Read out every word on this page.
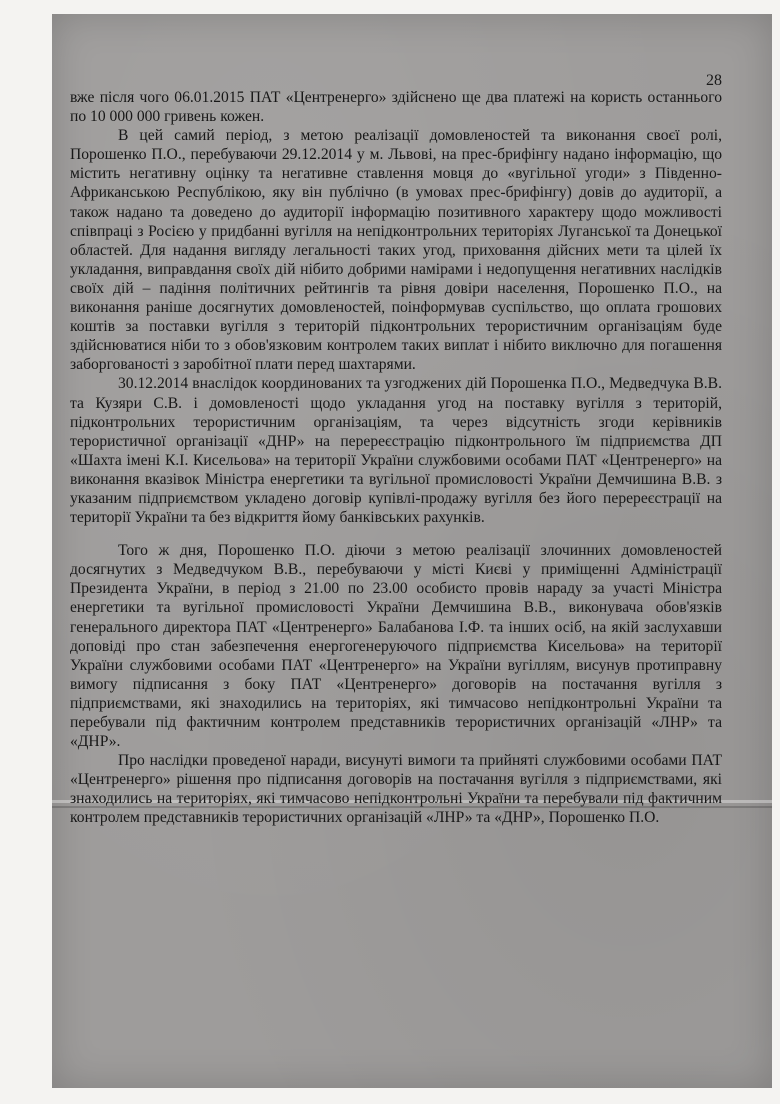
28

вже після чого 06.01.2015 ПАТ «Центренерго» здійснено ще два платежі на користь останнього по 10 000 000 гривень кожен.

В цей самий період, з метою реалізації домовленостей та виконання своєї ролі, Порошенко П.О., перебуваючи 29.12.2014 у м. Львові, на прес-брифінгу надано інформацію, що містить негативну оцінку та негативне ставлення мовця до «вугільної угоди» з Південно-Африканською Республікою, яку він публічно (в умовах прес-брифінгу) довів до аудиторії, а також надано та доведено до аудиторії інформацію позитивного характеру щодо можливості співпраці з Росією у придбанні вугілля на непідконтрольних територіях Луганської та Донецької областей. Для надання вигляду легальності таких угод, приховання дійсних мети та цілей їх укладання, виправдання своїх дій нібито добрими намірами і недопущення негативних наслідків своїх дій – падіння політичних рейтингів та рівня довіри населення, Порошенко П.О., на виконання раніше досягнутих домовленостей, поінформував суспільство, що оплата грошових коштів за поставки вугілля з територій підконтрольних терористичним організаціям буде здійснюватися ніби то з обов'язковим контролем таких виплат і нібито виключно для погашення заборгованості з заробітної плати перед шахтарями.

30.12.2014 внаслідок координованих та узгоджених дій Порошенка П.О., Медведчука В.В. та Кузяри С.В. і домовленості щодо укладання угод на поставку вугілля з територій, підконтрольних терористичним організаціям, та через відсутність згоди керівників терористичної організації «ДНР» на перереєстрацію підконтрольного їм підприємства ДП «Шахта імені К.І. Кисельова» на території України службовими особами ПАТ «Центренерго» на виконання вказівок Міністра енергетики та вугільної промисловості України Демчишина В.В. з указаним підприємством укладено договір купівлі-продажу вугілля без його перереєстрації на території України та без відкриття йому банківських рахунків.

Того ж дня, Порошенко П.О. діючи з метою реалізації злочинних домовленостей досягнутих з Медведчуком В.В., перебуваючи у місті Києві у приміщенні Адміністрації Президента України, в період з 21.00 по 23.00 особисто провів нараду за участі Міністра енергетики та вугільної промисловості України Демчишина В.В., виконувача обов'язків генерального директора ПАТ «Центренерго» Балабанова І.Ф. та інших осіб, на якій заслухавши доповіді про стан забезпечення енергогенеруючого підприємства Кисельова» на території України службовими особами ПАТ «Центренерго» на України вугіллям, висунув протиправну вимогу підписання з боку ПАТ «Центренерго» договорів на постачання вугілля з підприємствами, які знаходились на територіях, які тимчасово непідконтрольні України та перебували під фактичним контролем представників терористичних організацій «ЛНР» та «ДНР».

Про наслідки проведеної наради, висунуті вимоги та прийняті службовими особами ПАТ «Центренерго» рішення про підписання договорів на постачання вугілля з підприємствами, які знаходились на територіях, які тимчасово непідконтрольні України та перебували під фактичним контролем представників терористичних організацій «ЛНР» та «ДНР», Порошенко П.О.
